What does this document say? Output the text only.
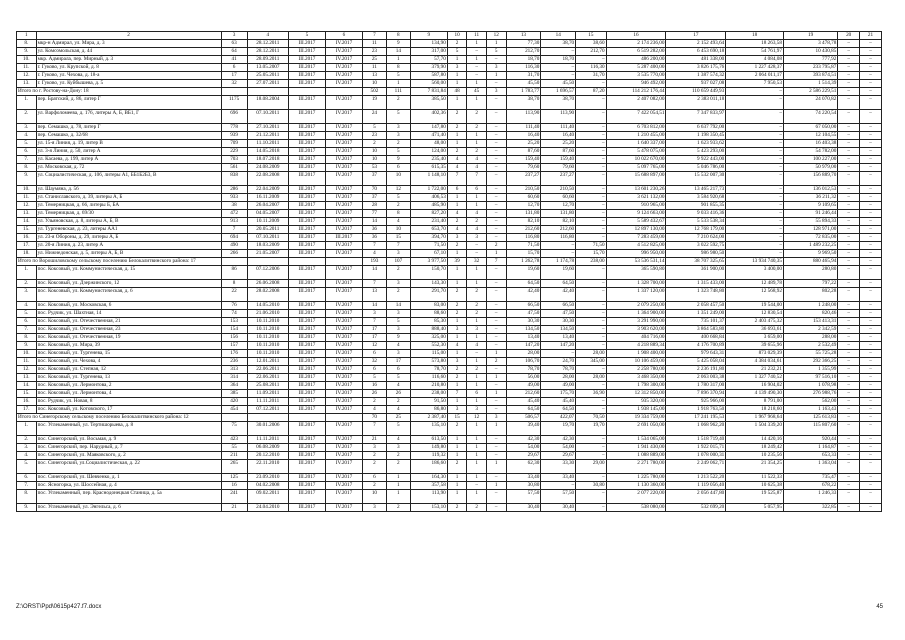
1	2	3	4	5	6	7	8	9	10	11	12	13	14	15	16	17	18	19	20	21
8.	мкр-н Адмирал, ул. Мира, д. 3	63	28.12.2011	III.2017	IV.2017	11	9	134,90	2	1	1	77,30	38,70	38,60	2 174 236,00	2 152 493,64	18 263,58	3 478,78	–	–
9.	ул. Комсомольская, д. 44	64	28.12.2011	III.2017	IV.2017	23	14	317,00	5	–	5	212,70	–	212,70	6 519 282,00	6 453 690,18	54 761,97	10 430,85	–	–
10.	мкр. Адмирала, пер. Мирный, д. 3	41	28.09.2011	III.2017	IV.2017	25	1	57,70	1	1	–	18,70	18,70	–	486 200,00	481 338,00	4 084,08	777,92	–	–
11.	г. Гуково, ул. Крупской, д. 8	6	13.05.2007	III.2017	IV.2017	11	8	379,90	3	–	3	116,30	–	116,30	5 287 400,00	3 826 175,76	1 227 428,37	233 795,87	–	–
12.	г. Гуково, ул. Чехова, д. 18-а	17	25.05.2011	III.2017	IV.2017	13	5	587,80	1	–	1	31,70	–	31,70	3 535 770,00	1 387 574,32	2 064 011,17	393 874,51	–	–
13.	г. Гуково, ул. Куйбышева, д. 5	32	27.07.2011	III.2017	IV.2017	10	1	560,00	1	1	–	45,50	45,50	–	946 492,00	937 027,08	7 950,53	1 514,39	–	–
Итого по г. Ростову-на-Дону: 18						502	111	7 831,84	48	45	3	1 783,77	1 696,57	87,20	114 212 176,44	110 659 449,93	–	2 586 229,51	–	–
1.	пер. Братский, д. 86, литер Г	1175	18.08.2004	III.2017	IV.2017	19	2	385,50	1	1	–	38,70	38,70	–	2 407 082,00	2 383 011,18	–	24 070,82	–	–
2.	ул. Варфоломеева, д. 176, литеры А, Б, ВБ1, Г	696	07.10.2011	III.2017	IV.2017	24	5	402,36	2	2	–	113,90	113,90	–	7 422 054,51	7 347 833,97	–	74 220,54	–	–
3.	пер. Семашко, д. 78, литер Г	778	27.10.2011	III.2017	IV.2017	5	3	147,80	2	2	–	111,40	111,40	–	6 703 812,00	6 637 792,00	–	67 050,00	–	–
4.	пер. Семашко, д. 32/68	939	21.12.2011	III.2017	IV.2017	23	3	471,40	1	1	–	16,40	16,40	–	1 210 455,00	1 198 350,45	–	12 104,55	–	–
5.	ул. 15-я Линия, д. 19, литер В	709	11.10.2011	III.2017	IV.2017	2	2	48,00	1	1	–	25,20	25,20	–	1 640 337,00	1 623 933,62	–	16 403,38	–	–
6.	ул. 3-я Линия, д. 50, литер А	229	14.05.2018	III.2017	IV.2017	10	5	124,00	2	2	–	87,60	87,60	–	5 478 075,00	5 423 293,00	–	54 782,00	–	–
7.	ул. Касаева, д. 199, литер А	703	18.07.2018	III.2017	IV.2017	10	9	235,40	4	4	–	159,40	159,40	–	10 022 670,00	9 922 443,00	–	100 227,00	–	–
8.	ул. Московская, д. 72	561	24.08.2009	III.2017	IV.2017	53	6	615,35	4	4	–	79,60	79,60	–	5 097 765,00	5 046 786,00	–	50 979,00	–	–
9.	ул. Социалистическая, д. 106, литеры А1, ББ1Б2Б3, В	838	22.08.2008	III.2017	IV.2017	37	10	1 148,10	7	7	–	237,27	237,27	–	15 688 897,00	15 532 007,30	–	156 889,70	–	–
10.	ул. Шаумяна, д. 56	286	22.04.2009	III.2017	IV.2017	70	12	1 722,00	6	6	–	210,50	210,50	–	13 601 230,26	13 465 217,73	–	136 012,53	–	–
11.	ул. Станиславского, д. 39, литеры А, Б	933	16.11.2009	III.2017	IV.2017	37	5	406,53	1	1	–	60,60	60,60	–	3 621 132,00	3 584 920,68	–	36 211,32	–	–
12.	ул. Темерницкая, д. 66, литеры Б, БА	38	26.04.2007	III.2017	IV.2017	28	2	485,90	1	1	–	12,70	12,70	–	910 965,00	901 855,35	–	9 109,65	–	–
13.	ул. Темерницкая, д. 69/30	472	04.05.2007	III.2017	IV.2017	77	8	827,20	4	4	–	131,80	131,80	–	9 124 663,00	9 033 416,36	–	91 246,44	–	–
14.	ул. Ульяновская, д. 8, литеры А, Б, В	913	10.11.2009	III.2017	IV.2017	14	4	231,40	2	2	–	82,10	82,10	–	5 589 432,67	5 533 538,34	–	55 894,33	–	–
15.	ул. Тургеневская, д. 23, литеры АА1	7	20.05.2011	III.2017	IV.2017	36	10	653,70	4	4	–	212,60	212,60	–	12 897 130,00	12 768 179,00	–	128 971,00	–	–
16.	ул. 23-я Обороны, д. 29, литеры А, Б	694	07.10.2011	III.2017	III.2017	36	15	394,70	3	3	–	116,80	116,80	–	7 283 459,00	7 210 624,00	–	72 835,00	–	–
17.	ул. 20-я Линия, д. 23, литер А	490	18.03.2009	III.2017	IV.2017	7	7	71,50	2	–	2	71,50	–	71,50	4 512 825,00	3 022 592,75	–	1 489 232,25	–	–
18.	ул. Нижнедонская, д. 5, литеры А, Б, В	266	21.05.2007	III.2017	IV.2017	4	3	67,10	1	–	1	15,70	–	15,70	996 950,00	986 980,50	–	9 969,50	–	–
Итого по Ворошиловскому сельскому поселению Белокалитвинского района: 17						193	107	3 977,50	39	32	7	1 262,78	1 174,78	238,00	53 536 531,14	38 707 325,65	13 934 740,35	880 465,94	–	–
1.	пос. Коксовый, ул. Коммунистическая, д. 15	86	07.12.2006	III.2017	IV.2017	14	2	150,70	1	1	–	19,60	19,60	–	365 590,80	361 900,00	3 400,00	280,80	–	–
2.	пос. Коксовый, ул. Дзержинского, 12	8	26.06.2008	III.2017	IV.2017	7	3	143,30	1	1	–	64,50	64,50	–	1 328 700,00	1 315 433,00	12 489,78	797,22	–	–
3.	пос. Коксовый, ул. Коммунистическая, д. 6	22	28.02.2008	III.2017	IV.2017	13	2	291,70	2	2	–	42,40	42,40	–	1 337 120,00	1 323 748,80	12 568,92	802,28	–	–
4.	пос. Коксовый, ул. Московская, 6	76	14.05.2010	III.2017	IV.2017	14	14	83,00	2	2	–	66,50	66,50	–	2 079 250,00	2 058 457,50	19 544,00	1 248,00	–	–
5.	пос. Рудчик, ул. Шахтная, 14	74	21.06.2010	III.2017	IV.2017	3	3	88,60	2	2	–	47,50	47,50	–	1 364 900,00	1 351 249,00	12 830,54	820,46	–	–
6.	пос. Коксовый, ул. Отечественная, 21	153	10.11.2010	III.2017	IV.2017	7	5	85,30	1	1	–	30,30	30,30	–	3 291 990,00	735 101,37	2 403 475,32	153 413,31	–	–
7.	пос. Коксовый, ул. Отечественная, 23	154	10.11.2010	III.2017	IV.2017	17	3	888,40	3	3	–	134,50	134,50	–	3 903 620,00	3 864 583,80	36 693,61	2 342,59	–	–
8.	пос. Коксовый, ул. Отечественная, 19	156	10.11.2010	III.2017	IV.2017	17	9	325,00	1	1	–	13,40	13,40	–	404 716,00	400 668,84	3 659,00	288,00	–	–
9.	пос. Коксовый, ул. Мира, 39	157	10.11.2010	III.2017	IV.2017	12	4	552,30	4	4	–	147,20	147,20	–	4 218 889,34	4 176 700,89	39 655,96	2 532,49	–	–
10.	пос. Коксовый, ул. Тургенева, 15	176	10.11.2010	III.2017	IV.2017	6	3	115,00	1	–	1	28,00	–	28,00	1 908 400,00	979 643,31	873 029,39	55 725,28	–	–
11.	пос. Коксовый, ул. Чехова, 4	236	12.01.2011	III.2017	IV.2017	32	17	573,80	3	1	2	106,70	24,70	345,00	10 106 459,00	5 425 058,04	4 384 034,61	292 366,25	–	–
12.	пос. Коксовый, ул. Степная, 12	313	22.06.2011	III.2017	IV.2017	6	6	78,70	2	2	–	78,70	78,70	–	2 258 780,00	2 236 191,80	21 232,21	1 355,99	–	–
13.	пос. Коксовый, ул. Тургенева, 13	314	22.06.2011	III.2017	IV.2017	5	5	116,60	2	1	1	56,00	28,00	28,00	3 468 350,00	2 063 003,38	1 327 740,52	97 516,10	–	–
14.	пос. Коксовый, ул. Лермонтова, 2	364	25.08.2011	III.2017	IV.2017	16	4	210,80	1	1	–	49,00	49,00	–	1 798 300,00	1 780 317,00	16 904,02	1 078,98	–	–
15.	пос. Коксовый, ул. Лермонтова, 4	385	11.09.2011	III.2017	IV.2017	26	26	238,00	7	6	1	212,60	175,70	36,90	12 312 850,00	7 896 370,94	4 139 490,30	276 988,76	–	–
16.	пос. Рудчик, ул. Новая, 8	420	11.11.2011	III.2017	IV.2017	2	2	91,50	1	1	–	45,40	45,40	–	935 320,00	925 966,00	8 791,00	562,00	–	–
17.	пос. Коксовый, ул. Котовского, 17	454	07.12.2011	III.2017	IV.2017	4	4	86,80	3	3	–	64,50	64,50	–	1 938 145,00	1 918 763,50	18 218,60	1 163,43	–	–
Итого по Синегорскому сельскому поселению Белокалитвинского района: 12						70	25	2 387,40	15	12	3	506,57	422,07	70,50	19 334 759,00	17 241 195,53	1 967 968,64	125 613,83	–	–
1.	пос. Углекаменный, ул. Тертишорыева, д. 8	75	30.01.2006	III.2017	IV.2017	7	5	135,10	2	1	1	39,40	19,70	19,70	2 691 050,00	1 068 962,20	1 504 339,20	115 807,60	–	–
2.	пос. Синегорский, ул. Восьмая, д. 9	423	11.11.2011	III.2017	IV.2017	21	4	613,50	1	1	–	42,30	42,30	–	1 534 065,00	1 518 719,40	14 420,16	920,44	–	–
3.	пос. Синегорский, пер. Нарудный, д. 7	55	06.08.2009	III.2017	IV.2017	3	3	149,80	1	1	–	54,00	54,00	–	1 941 430,00	1 922 015,71	18 249,42	1 164,87	–	–
4.	пос. Синегорский, ул. Маяковского, д. 2	211	20.12.2010	III.2017	IV.2017	2	2	119,32	1	1	–	29,67	29,67	–	1 088 889,00	1 078 000,31	10 235,56	653,33	–	–
5.	пос. Синегорский, ул.Социалистическая, д. 22	265	22.11.2010	III.2017	IV.2017	2	2	186,60	2	1	1	62,30	33,30	29,00	2 271 780,00	2 249 062,71	21 354,25	1 363,04	–	–
6.	пос. Синегорский, ул. Шевченко, д. 1	125	23.09.2010	III.2017	IV.2017	6	1	164,30	1	1	–	33,40	33,40	–	1 225 780,00	1 213 522,20	11 522,33	735,47	–	–
7.	пос. Ясногорка, ул. Шоссейная, д. 4	16	04.02.2008	III.2017	IV.2017	2	1	357,58	1	–	1	30,80	–	30,80	1 130 360,00	1 119 056,40	10 625,38	678,22	–	–
8.	пос. Углекаменный, пер. Краснодонецкая Станица, д. 5а	241	09.02.2011	III.2017	IV.2017	10	1	113,90	1	1	–	57,50	57,50	–	2 077 220,00	2 056 447,80	19 525,87	1 246,33	–	–
9.	пос. Углекаменный, ул. Энгельса, д. 6	21	24.04.2010	III.2017	IV.2017	3	2	153,10	2	2	–	30,40	30,40	–	538 080,00	532 699,20	5 057,95	322,85	–	–
Z:\ORST\Ppd\0615p427.f7.docx	45
